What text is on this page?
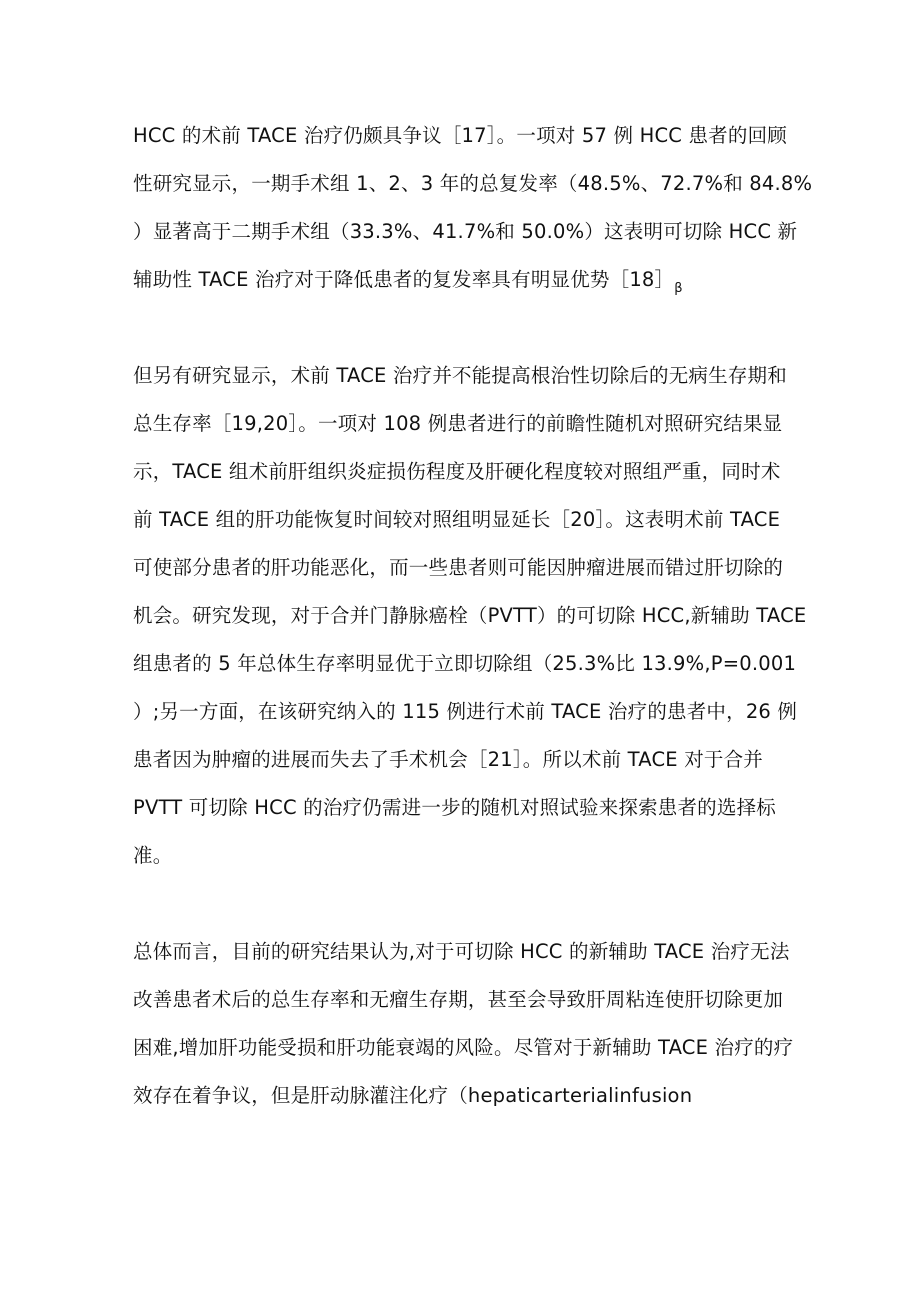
HCC 的术前 TACE 治疗仍颇具争议［17］。一项对 57 例 HCC 患者的回顾
性研究显示，一期手术组 1、2、3 年的总复发率（48.5%、72.7%和 84.8%
）显著高于二期手术组（33.3%、41.7%和 50.0%）这表明可切除 HCC 新
辅助性 TACE 治疗对于降低患者的复发率具有明显优势$[18]_\beta$
但另有研究显示，术前 TACE 治疗并不能提高根治性切除后的无病生存期和
总生存率［19,20］。一项对 108 例患者进行的前瞻性随机对照研究结果显
示，TACE 组术前肝组织炎症损伤程度及肝硬化程度较对照组严重，同时术
前 TACE 组的肝功能恢复时间较对照组明显延长［20］。这表明术前 TACE
可使部分患者的肝功能恶化，而一些患者则可能因肿瘤进展而错过肝切除的
机会。研究发现，对于合并门静脉癌栓（PVTT）的可切除 HCC,新辅助 TACE
组患者的 5 年总体生存率明显优于立即切除组（25.3%比 13.9%,P=0.001
）;另一方面，在该研究纳入的 115 例进行术前 TACE 治疗的患者中，26 例
患者因为肿瘤的进展而失去了手术机会［21］。所以术前 TACE 对于合并
PVTT 可切除 HCC 的治疗仍需进一步的随机对照试验来探索患者的选择标
准。
总体而言，目前的研究结果认为,对于可切除 HCC 的新辅助 TACE 治疗无法
改善患者术后的总生存率和无瘤生存期，甚至会导致肝周粘连使肝切除更加
困难,增加肝功能受损和肝功能衰竭的风险。尽管对于新辅助 TACE 治疗的疗
效存在着争议，但是肝动脉灌注化疗（hepaticarterialinfusion
